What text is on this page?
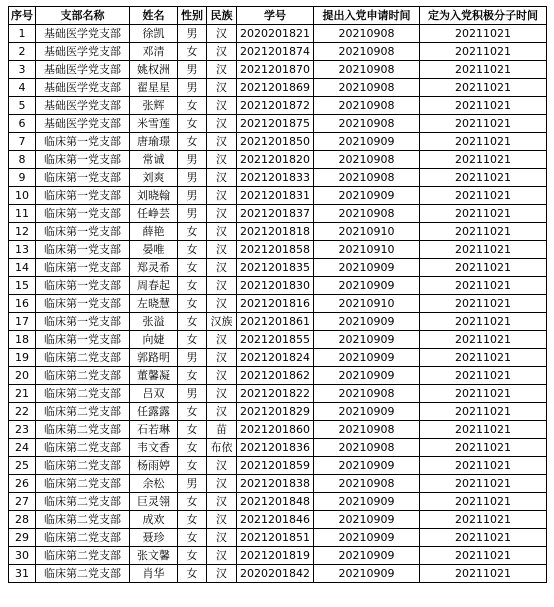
序号	支部名称	姓名	性别	民族	学号	提出入党申请时间	定为入党积极分子时间
1	基础医学党支部	徐凯	男	汉	2020201821	20210908	20211021
2	基础医学党支部	邓清	女	汉	2021201874	20210908	20211021
3	基础医学党支部	姚权洲	男	汉	2021201870	20210908	20211021
4	基础医学党支部	翟星星	男	汉	2021201869	20210908	20211021
5	基础医学党支部	张辉	女	汉	2021201872	20210908	20211021
6	基础医学党支部	米雪莲	女	汉	2021201875	20210908	20211021
7	临床第一党支部	唐瑜璟	女	汉	2021201850	20210909	20211021
8	临床第一党支部	常诚	男	汉	2021201820	20210908	20211021
9	临床第一党支部	刘爽	男	汉	2021201833	20210908	20211021
10	临床第一党支部	刘晓翰	男	汉	2021201831	20210909	20211021
11	临床第一党支部	任峥芸	男	汉	2021201837	20210908	20211021
12	临床第一党支部	薛艳	女	汉	2021201818	20210910	20211021
13	临床第一党支部	晏唯	女	汉	2021201858	20210910	20211021
14	临床第一党支部	郑灵希	女	汉	2021201835	20210909	20211021
15	临床第一党支部	周春起	女	汉	2021201830	20210909	20211021
16	临床第一党支部	左晓慧	女	汉	2021201816	20210910	20211021
17	临床第一党支部	张溢	女	汉族	2021201861	20210909	20211021
18	临床第一党支部	向婕	女	汉	2021201855	20210909	20211021
19	临床第二党支部	郭路明	男	汉	2021201824	20210909	20211021
20	临床第二党支部	董馨凝	女	汉	2021201862	20210909	20211021
21	临床第二党支部	吕双	男	汉	2021201822	20210908	20211021
22	临床第二党支部	任露露	女	汉	2021201829	20210909	20211021
23	临床第二党支部	石若琳	女	苗	2021201860	20210908	20211021
24	临床第二党支部	韦文香	女	布依	2021201836	20210908	20211021
25	临床第二党支部	杨雨婷	女	汉	2021201859	20210909	20211021
26	临床第二党支部	余松	男	汉	2021201838	20210908	20211021
27	临床第二党支部	巨灵翎	女	汉	2021201848	20210909	20211021
28	临床第二党支部	成欢	女	汉	2021201846	20210909	20211021
29	临床第二党支部	聂珍	女	汉	2021201851	20210909	20211021
30	临床第二党支部	张文馨	女	汉	2021201819	20210909	20211021
31	临床第二党支部	肖华	女	汉	2020201842	20210909	20211021
